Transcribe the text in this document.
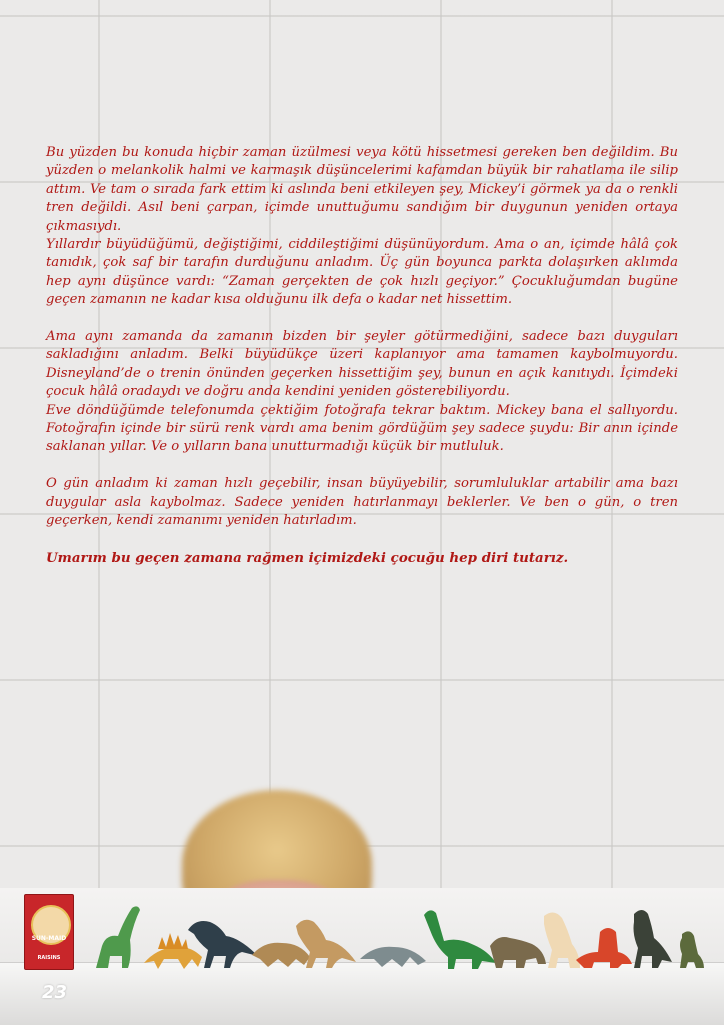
SUN-MAID
RAISINS

Bu yüzden bu konuda hiçbir zaman üzülmesi veya kötü hissetmesi gereken ben değildim. Bu yüzden o melankolik halmi ve karmaşık düşüncelerimi kafamdan büyük bir rahatlama ile silip attım. Ve tam o sırada fark ettim ki aslında beni etkileyen şey, Mickey’i görmek ya da o renkli tren değildi. Asıl beni çarpan, içimde unuttuğumu sandığım bir duygunun yeniden ortaya çıkmasıydı.

Yıllardır büyüdüğümü, değiştiğimi, ciddileştiğimi düşünüyordum. Ama o an, içimde hâlâ çok tanıdık, çok saf bir tarafın durduğunu anladım. Üç gün boyunca parkta dolaşırken aklımda hep aynı düşünce vardı: “Zaman gerçekten de çok hızlı geçiyor.” Çocukluğumdan bugüne geçen zamanın ne kadar kısa olduğunu ilk defa o kadar net hissettim.

Ama aynı zamanda da zamanın bizden bir şeyler götürmediğini, sadece bazı duyguları sakladığını anladım. Belki büyüdükçe üzeri kaplanıyor ama tamamen kaybolmuyordu. Disneyland’de o trenin önünden geçerken hissettiğim şey, bunun en açık kanıtıydı. İçimdeki çocuk hâlâ oradaydı ve doğru anda kendini yeniden gösterebiliyordu.

Eve döndüğümde telefonumda çektiğim fotoğrafa tekrar baktım. Mickey bana el sallıyordu. Fotoğrafın içinde bir sürü renk vardı ama benim gördüğüm şey sadece şuydu: Bir anın içinde saklanan yıllar. Ve o yılların bana unutturmadığı küçük bir mutluluk.

O gün anladım ki zaman hızlı geçebilir, insan büyüyebilir, sorumluluklar artabilir ama bazı duygular asla kaybolmaz. Sadece yeniden hatırlanmayı beklerler. Ve ben o gün, o tren geçerken, kendi zamanımı yeniden hatırladım.

Umarım bu geçen zamana rağmen içimizdeki çocuğu hep diri tutarız.

23
